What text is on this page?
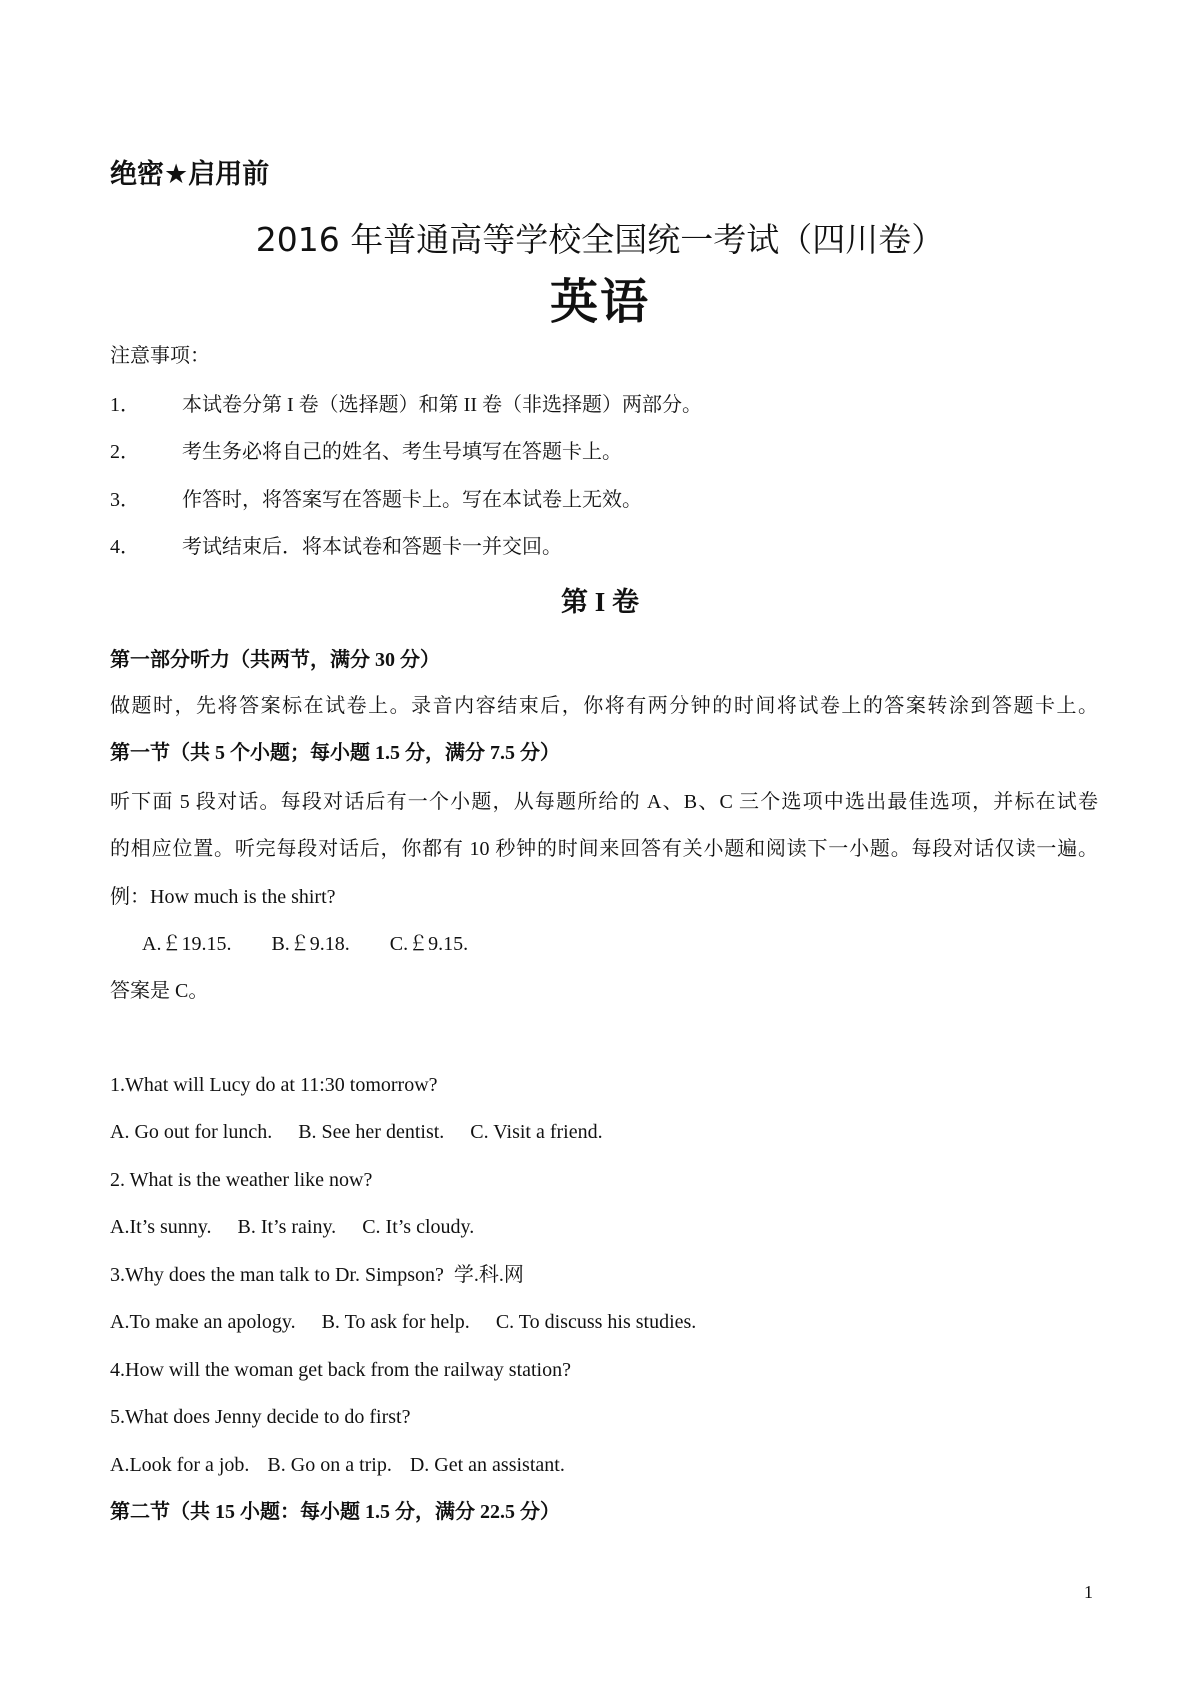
绝密★启用前
2016 年普通高等学校全国统一考试（四川卷）
英语
注意事项：
1． 本试卷分第 I 卷（选择题）和第 II 卷（非选择题）两部分。
2． 考生务必将自己的姓名、考生号填写在答题卡上。
3． 作答时，将答案写在答题卡上。写在本试卷上无效。
4． 考试结束后．将本试卷和答题卡一并交回。
第 I 卷
第一部分听力（共两节，满分 30 分）
做题时，先将答案标在试卷上。录音内容结束后，你将有两分钟的时间将试卷上的答案转涂到答题卡上。
第一节（共 5 个小题；每小题 1.5 分，满分 7.5 分）
听下面 5 段对话。每段对话后有一个小题，从每题所给的 A、B、C 三个选项中选出最佳选项，并标在试卷
的相应位置。听完每段对话后，你都有 10 秒钟的时间来回答有关小题和阅读下一小题。每段对话仅读一遍。
例：How much is the shirt?
A.￡19.15. B.￡9.18. C.￡9.15.
答案是 C。
1.What will Lucy do at 11:30 tomorrow?
A. Go out for lunch. B. See her dentist. C. Visit a friend.
2. What is the weather like now?
A.It’s sunny. B. It’s rainy. C. It’s cloudy.
3.Why does the man talk to Dr. Simpson? 学.科.网
A.To make an apology. B. To ask for help. C. To discuss his studies.
4.How will the woman get back from the railway station?
5.What does Jenny decide to do first?
A.Look for a job. B. Go on a trip. D. Get an assistant.
第二节（共 15 小题：每小题 1.5 分，满分 22.5 分）
1
